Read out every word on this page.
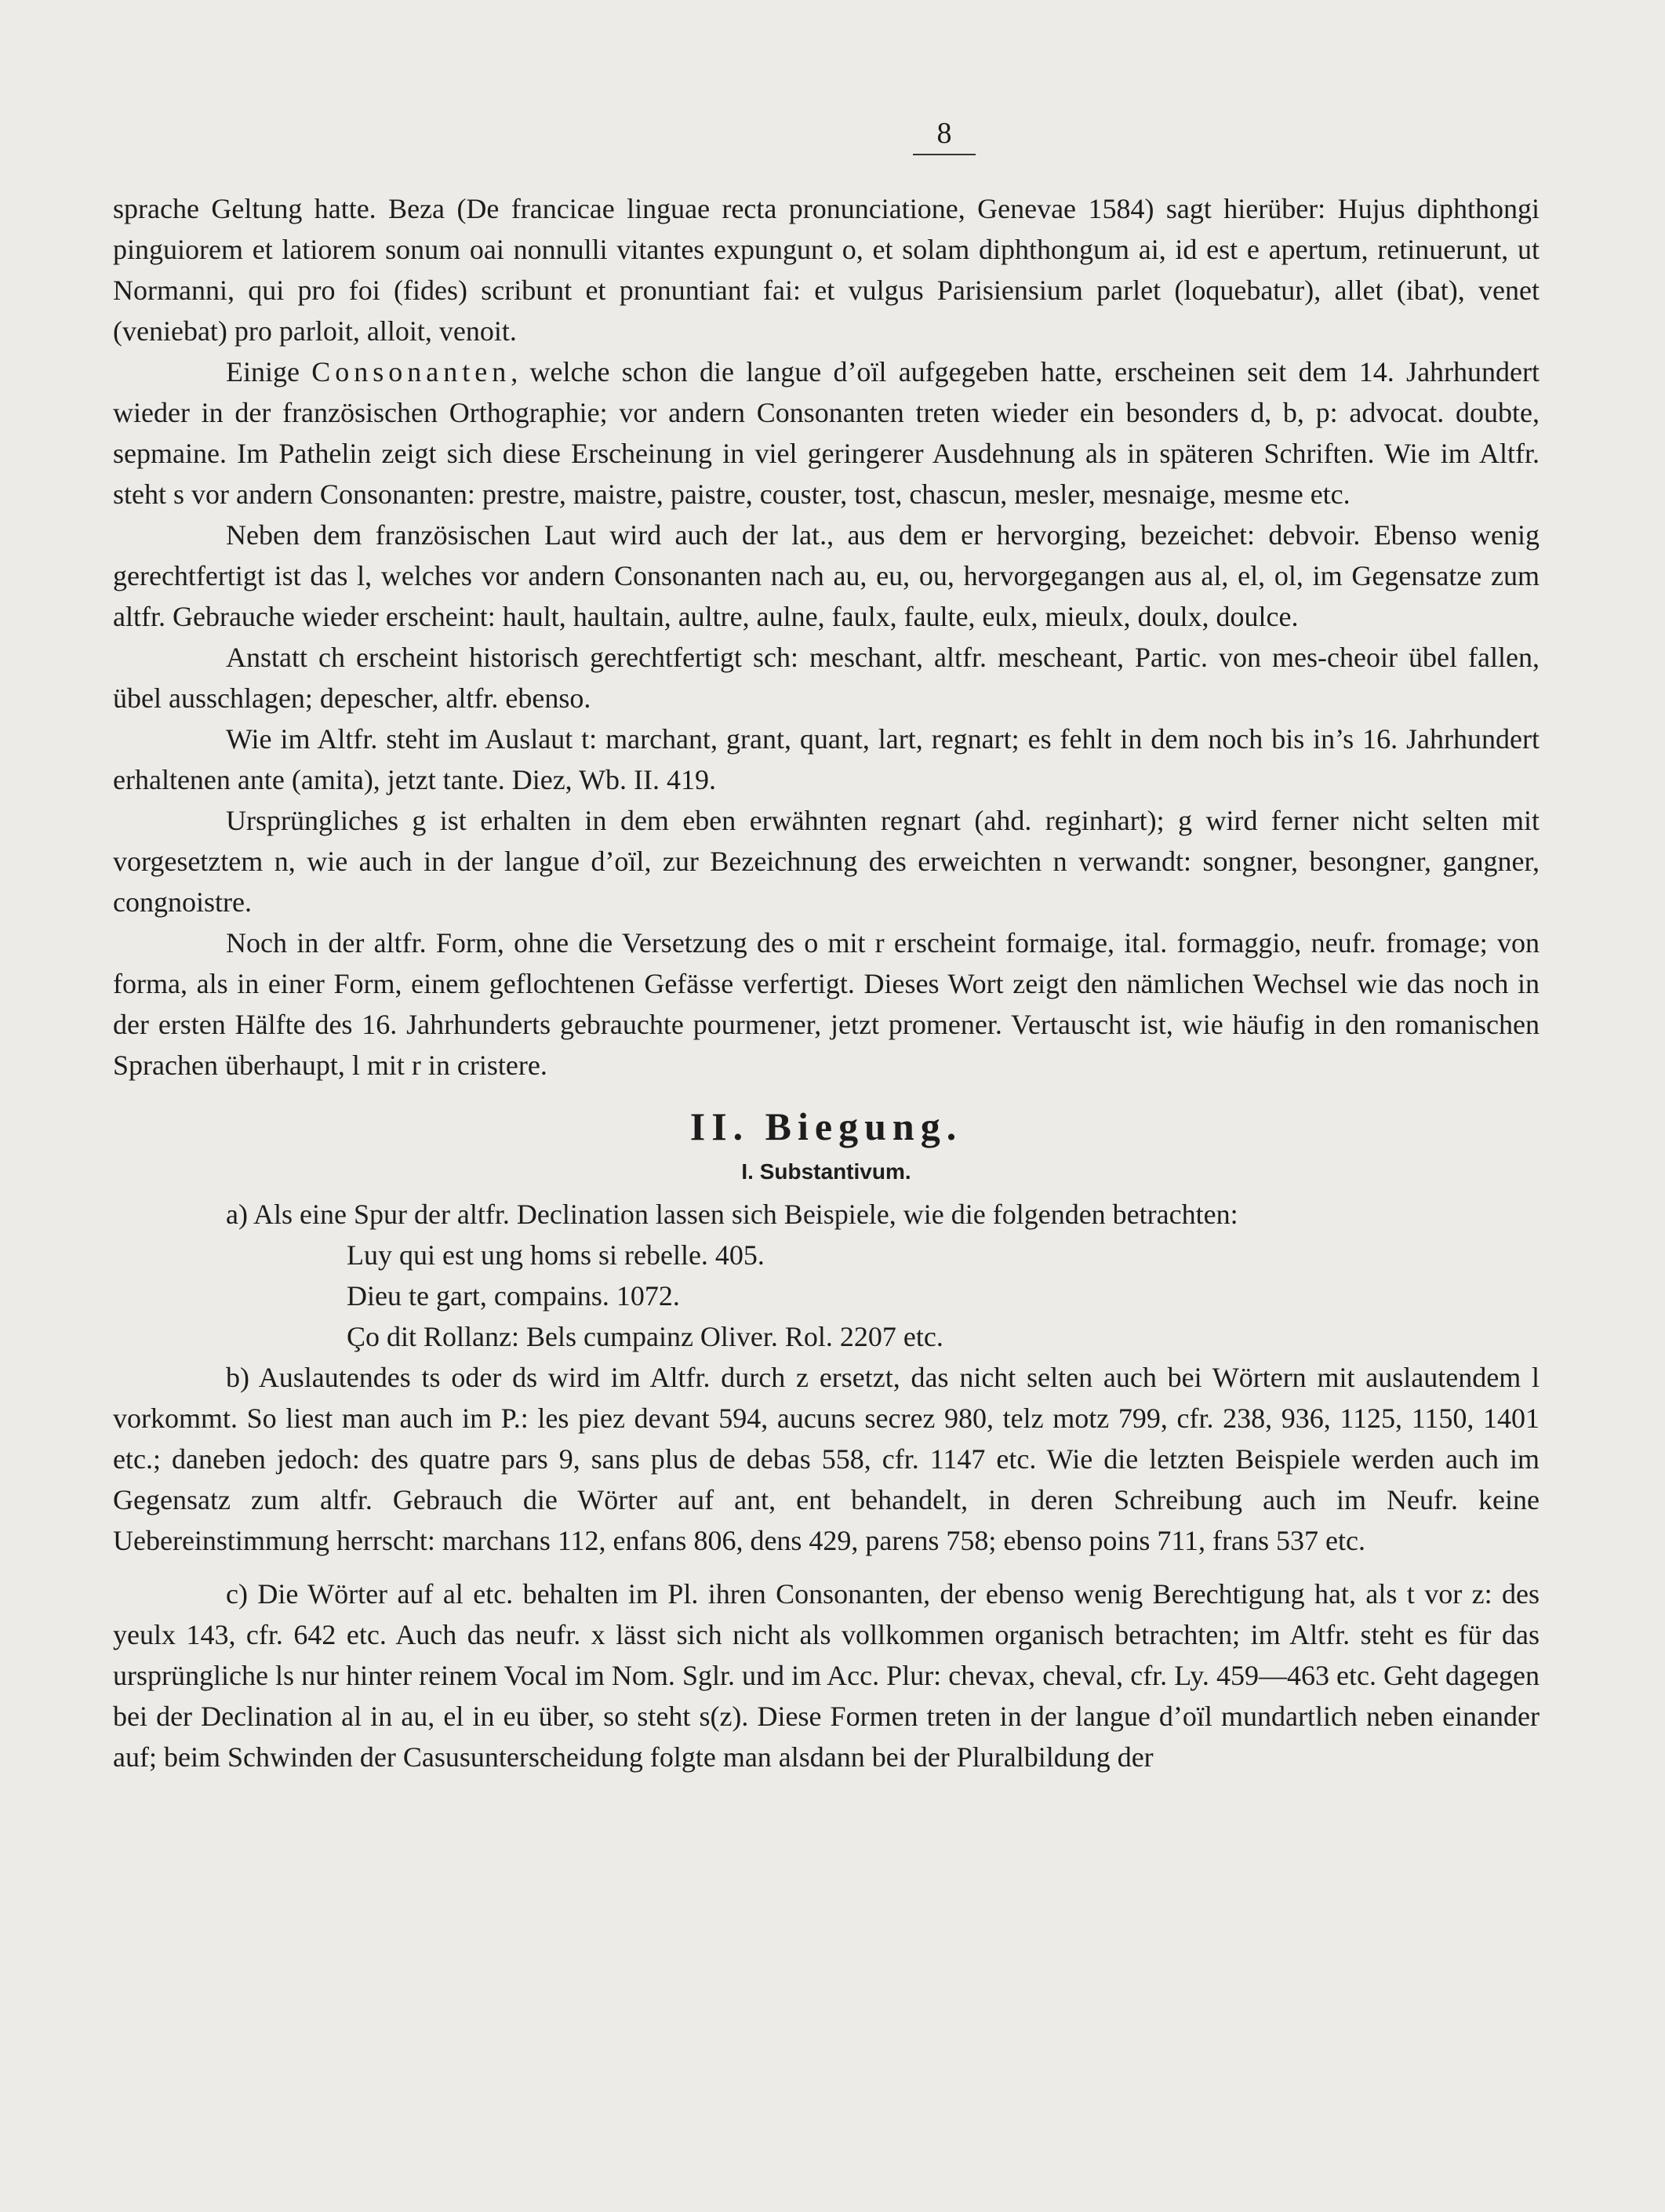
8

sprache Geltung hatte. Beza (De francicae linguae recta pronunciatione, Genevae 1584) sagt hierüber: Hujus diphthongi pinguiorem et latiorem sonum oai nonnulli vitantes expungunt o, et solam diphthongum ai, id est e apertum, retinuerunt, ut Normanni, qui pro foi (fides) scribunt et pronuntiant fai: et vulgus Parisiensium parlet (loquebatur), allet (ibat), venet (veniebat) pro parloit, alloit, venoit.

Einige Consonanten, welche schon die langue d’oïl aufgegeben hatte, erscheinen seit dem 14. Jahrhundert wieder in der französischen Orthographie; vor andern Consonanten treten wieder ein besonders d, b, p: advocat. doubte, sepmaine. Im Pathelin zeigt sich diese Erscheinung in viel geringerer Ausdehnung als in späteren Schriften. Wie im Altfr. steht s vor andern Consonanten: prestre, maistre, paistre, couster, tost, chascun, mesler, mesnaige, mesme etc.

Neben dem französischen Laut wird auch der lat., aus dem er hervorging, bezeichet: debvoir. Ebenso wenig gerechtfertigt ist das l, welches vor andern Consonanten nach au, eu, ou, hervorgegangen aus al, el, ol, im Gegensatze zum altfr. Gebrauche wieder erscheint: hault, haultain, aultre, aulne, faulx, faulte, eulx, mieulx, doulx, doulce.

Anstatt ch erscheint historisch gerechtfertigt sch: meschant, altfr. mescheant, Partic. von mes-cheoir übel fallen, übel ausschlagen; depescher, altfr. ebenso.

Wie im Altfr. steht im Auslaut t: marchant, grant, quant, lart, regnart; es fehlt in dem noch bis in’s 16. Jahrhundert erhaltenen ante (amita), jetzt tante. Diez, Wb. II. 419.

Ursprüngliches g ist erhalten in dem eben erwähnten regnart (ahd. reginhart); g wird ferner nicht selten mit vorgesetztem n, wie auch in der langue d’oïl, zur Bezeichnung des erweichten n verwandt: songner, besongner, gangner, congnoistre.

Noch in der altfr. Form, ohne die Versetzung des o mit r erscheint formaige, ital. formaggio, neufr. fromage; von forma, als in einer Form, einem geflochtenen Gefässe verfertigt. Dieses Wort zeigt den nämlichen Wechsel wie das noch in der ersten Hälfte des 16. Jahrhunderts gebrauchte pourmener, jetzt promener. Vertauscht ist, wie häufig in den romanischen Sprachen überhaupt, l mit r in cristere.

II. Biegung.
I. Substantivum.

a) Als eine Spur der altfr. Declination lassen sich Beispiele, wie die folgenden betrachten:

Luy qui est ung homs si rebelle. 405.

Dieu te gart, compains. 1072.

Ço dit Rollanz: Bels cumpainz Oliver. Rol. 2207 etc.

b) Auslautendes ts oder ds wird im Altfr. durch z ersetzt, das nicht selten auch bei Wörtern mit auslautendem l vorkommt. So liest man auch im P.: les piez devant 594, aucuns secrez 980, telz motz 799, cfr. 238, 936, 1125, 1150, 1401 etc.; daneben jedoch: des quatre pars 9, sans plus de debas 558, cfr. 1147 etc. Wie die letzten Beispiele werden auch im Gegensatz zum altfr. Gebrauch die Wörter auf ant, ent behandelt, in deren Schreibung auch im Neufr. keine Uebereinstimmung herrscht: marchans 112, enfans 806, dens 429, parens 758; ebenso poins 711, frans 537 etc.

c) Die Wörter auf al etc. behalten im Pl. ihren Consonanten, der ebenso wenig Berechtigung hat, als t vor z: des yeulx 143, cfr. 642 etc. Auch das neufr. x lässt sich nicht als vollkommen organisch betrachten; im Altfr. steht es für das ursprüngliche ls nur hinter reinem Vocal im Nom. Sglr. und im Acc. Plur: chevax, cheval, cfr. Ly. 459—463 etc. Geht dagegen bei der Declination al in au, el in eu über, so steht s(z). Diese Formen treten in der langue d’oïl mundartlich neben einander auf; beim Schwinden der Casusunterscheidung folgte man alsdann bei der Pluralbildung der
